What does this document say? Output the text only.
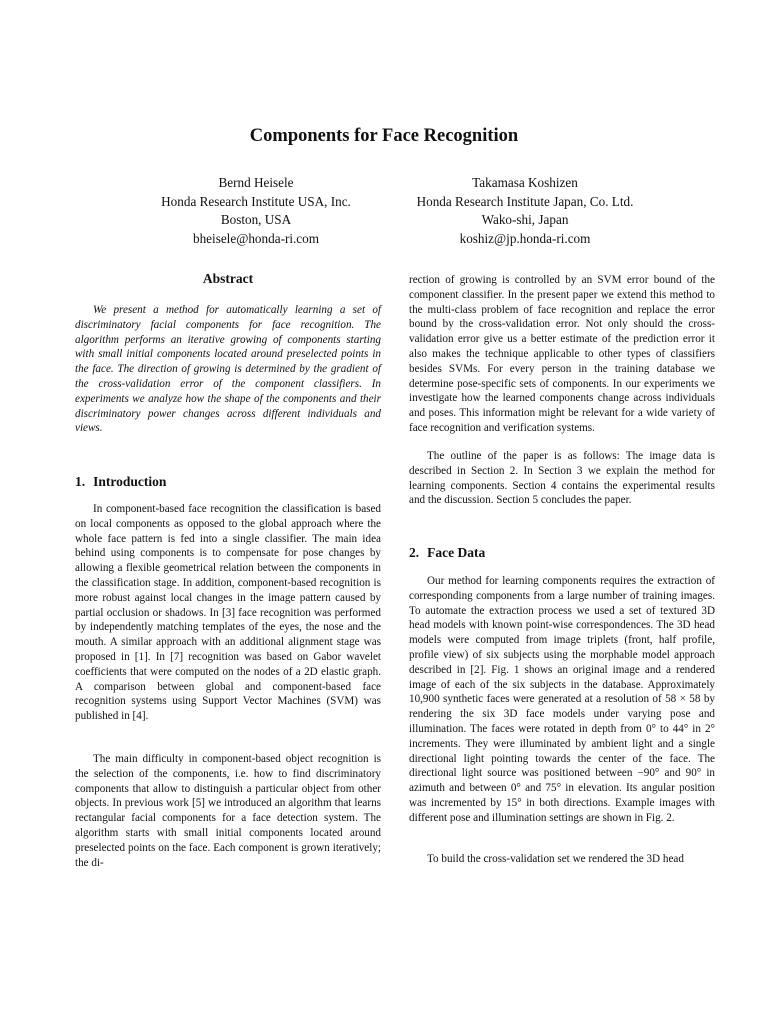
Components for Face Recognition
Bernd Heisele
Honda Research Institute USA, Inc.
Boston, USA
bheisele@honda-ri.com
Takamasa Koshizen
Honda Research Institute Japan, Co. Ltd.
Wako-shi, Japan
koshiz@jp.honda-ri.com
Abstract

We present a method for automatically learning a set of discriminatory facial components for face recognition. The algorithm performs an iterative growing of components starting with small initial components located around preselected points in the face. The direction of growing is determined by the gradient of the cross-validation error of the component classifiers. In experiments we analyze how the shape of the components and their discriminatory power changes across different individuals and views.

1. Introduction

In component-based face recognition the classification is based on local components as opposed to the global approach where the whole face pattern is fed into a single classifier. The main idea behind using components is to compensate for pose changes by allowing a flexible geometrical relation between the components in the classification stage. In addition, component-based recognition is more robust against local changes in the image pattern caused by partial occlusion or shadows. In [3] face recognition was performed by independently matching templates of the eyes, the nose and the mouth. A similar approach with an additional alignment stage was proposed in [1]. In [7] recognition was based on Gabor wavelet coefficients that were computed on the nodes of a 2D elastic graph. A comparison between global and component-based face recognition systems using Support Vector Machines (SVM) was published in [4].

The main difficulty in component-based object recognition is the selection of the components, i.e. how to find discriminatory components that allow to distinguish a particular object from other objects. In previous work [5] we introduced an algorithm that learns rectangular facial components for a face detection system. The algorithm starts with small initial components located around preselected points on the face. Each component is grown iteratively; the di-

rection of growing is controlled by an SVM error bound of the component classifier. In the present paper we extend this method to the multi-class problem of face recognition and replace the error bound by the cross-validation error. Not only should the cross-validation error give us a better estimate of the prediction error it also makes the technique applicable to other types of classifiers besides SVMs. For every person in the training database we determine pose-specific sets of components. In our experiments we investigate how the learned components change across individuals and poses. This information might be relevant for a wide variety of face recognition and verification systems.

The outline of the paper is as follows: The image data is described in Section 2. In Section 3 we explain the method for learning components. Section 4 contains the experimental results and the discussion. Section 5 concludes the paper.

2. Face Data

Our method for learning components requires the extraction of corresponding components from a large number of training images. To automate the extraction process we used a set of textured 3D head models with known point-wise correspondences. The 3D head models were computed from image triplets (front, half profile, profile view) of six subjects using the morphable model approach described in [2]. Fig. 1 shows an original image and a rendered image of each of the six subjects in the database. Approximately 10,900 synthetic faces were generated at a resolution of 58 × 58 by rendering the six 3D face models under varying pose and illumination. The faces were rotated in depth from 0° to 44° in 2° increments. They were illuminated by ambient light and a single directional light pointing towards the center of the face. The directional light source was positioned between −90° and 90° in azimuth and between 0° and 75° in elevation. Its angular position was incremented by 15° in both directions. Example images with different pose and illumination settings are shown in Fig. 2.

To build the cross-validation set we rendered the 3D head
